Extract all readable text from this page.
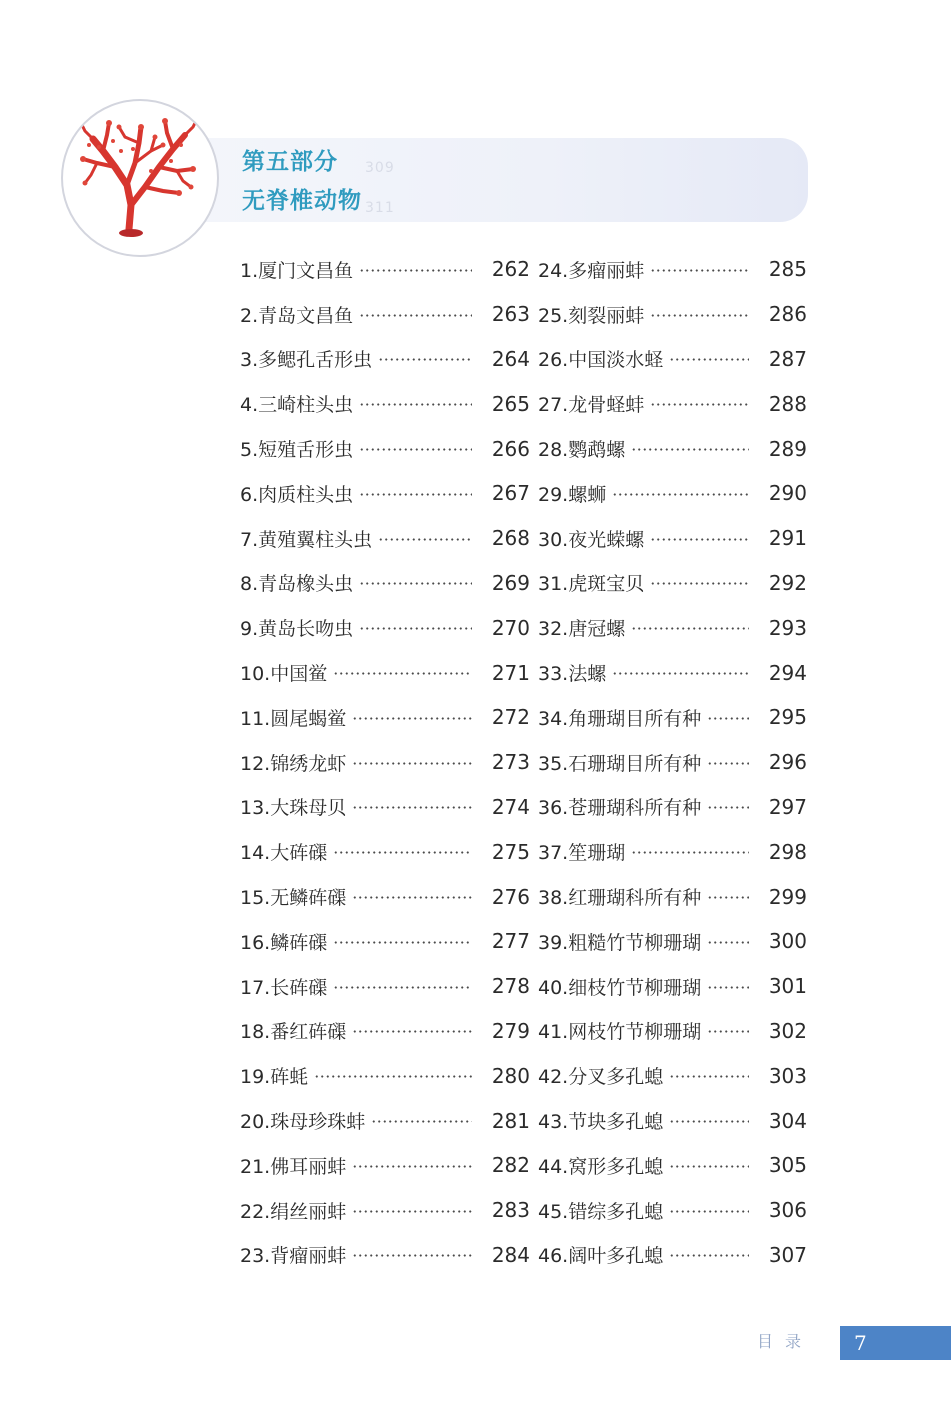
309
311
第五部分
无脊椎动物
1.厦门文昌鱼	262
2.青岛文昌鱼	263
3.多鳃孔舌形虫	264
4.三崎柱头虫	265
5.短殖舌形虫	266
6.肉质柱头虫	267
7.黄殖翼柱头虫	268
8.青岛橡头虫	269
9.黄岛长吻虫	270
10.中国鲎	271
11.圆尾蝎鲎	272
12.锦绣龙虾	273
13.大珠母贝	274
14.大砗磲	275
15.无鳞砗磲	276
16.鳞砗磲	277
17.长砗磲	278
18.番红砗磲	279
19.砗蚝	280
20.珠母珍珠蚌	281
21.佛耳丽蚌	282
22.绢丝丽蚌	283
23.背瘤丽蚌	284
24.多瘤丽蚌	285
25.刻裂丽蚌	286
26.中国淡水蛏	287
27.龙骨蛏蚌	288
28.鹦鹉螺	289
29.螺蛳	290
30.夜光蝾螺	291
31.虎斑宝贝	292
32.唐冠螺	293
33.法螺	294
34.角珊瑚目所有种	295
35.石珊瑚目所有种	296
36.苍珊瑚科所有种	297
37.笙珊瑚	298
38.红珊瑚科所有种	299
39.粗糙竹节柳珊瑚	300
40.细枝竹节柳珊瑚	301
41.网枝竹节柳珊瑚	302
42.分叉多孔螅	303
43.节块多孔螅	304
44.窝形多孔螅	305
45.错综多孔螅	306
46.阔叶多孔螅	307
目录 7
